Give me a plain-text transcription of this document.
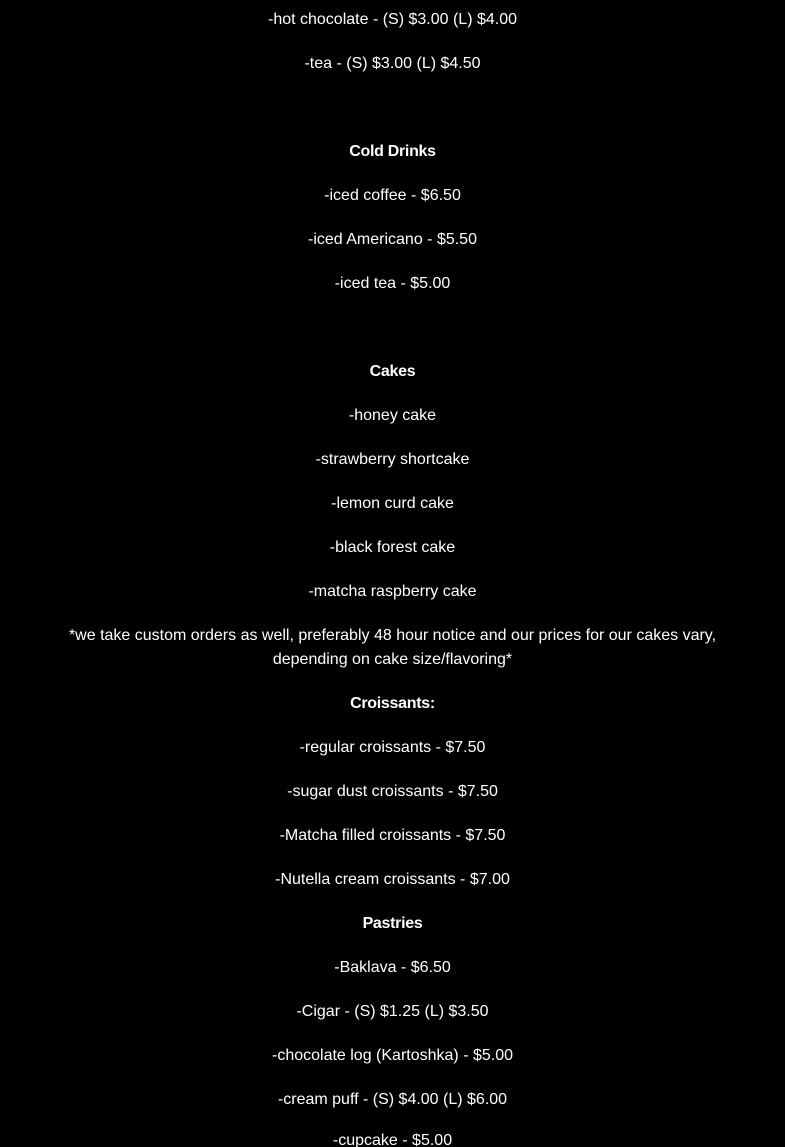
-hot chocolate - (S) $3.00 (L) $4.00
-tea - (S) $3.00 (L) $4.50
Cold Drinks
-iced coffee - $6.50
-iced Americano - $5.50
-iced tea - $5.00
Cakes
-honey cake
-strawberry shortcake
-lemon curd cake
-black forest cake
-matcha raspberry cake
*we take custom orders as well, preferably 48 hour notice and our prices for our cakes vary, depending on cake size/flavoring*
Croissants:
-regular croissants - $7.50
-sugar dust croissants - $7.50
-Matcha filled croissants - $7.50
-Nutella cream croissants - $7.00
Pastries
-Baklava - $6.50
-Cigar - (S) $1.25 (L) $3.50
-chocolate log (Kartoshka) - $5.00
-cream puff - (S) $4.00 (L) $6.00
-cupcake - $5.00
